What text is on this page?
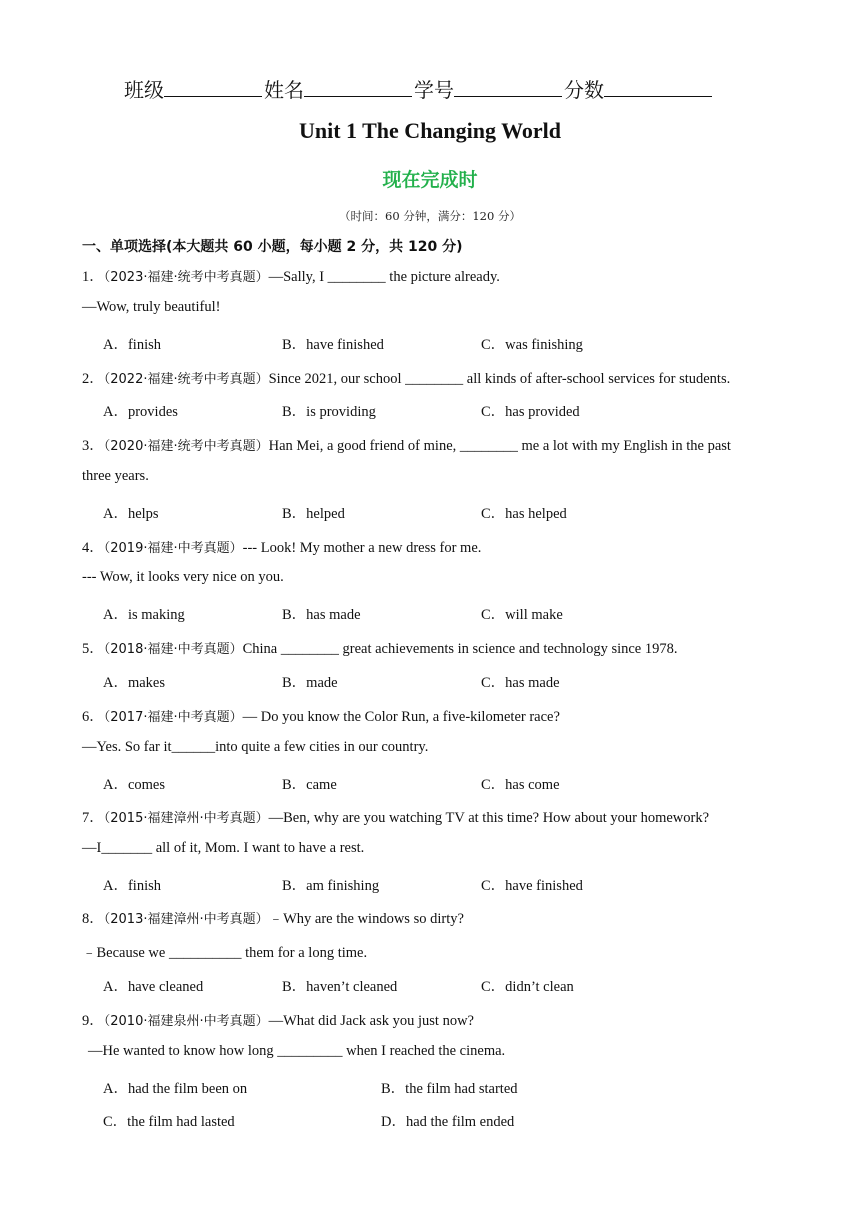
班级	姓名	学号	分数
Unit 1 The Changing World
现在完成时
（时间：60 分钟，满分：120 分）
一、单项选择(本大题共 60 小题，每小题 2 分，共 120 分)
1．（2023·福建·统考中考真题）—Sally, I ________ the picture already.
—Wow, truly beautiful!
A．finish	B．have finished	C．was finishing
2．（2022·福建·统考中考真题）Since 2021, our school ________ all kinds of after-school services for students.
A．provides	B．is providing	C．has provided
3．（2020·福建·统考中考真题）Han Mei, a good friend of mine, ________ me a lot with my English in the past
three years.
A．helps	B．helped	C．has helped
4．（2019·福建·中考真题）--- Look! My mother a new dress for me.
--- Wow, it looks very nice on you.
A．is making	B．has made	C．will make
5．（2018·福建·中考真题）China ________ great achievements in science and technology since 1978.
A．makes	B．made	C．has made
6．（2017·福建·中考真题）— Do you know the Color Run, a five-kilometer race?
—Yes. So far it______into quite a few cities in our country.
A．comes	B．came	C．has come
7．（2015·福建漳州·中考真题）—Ben, why are you watching TV at this time? How about your homework?
—I_______ all of it, Mom. I want to have a rest.
A．finish	B．am finishing	C．have finished
8．（2013·福建漳州·中考真题）﹣Why are the windows so dirty?
﹣Because we __________ them for a long time.
A．have cleaned	B．haven’t cleaned	C．didn’t clean
9．（2010·福建泉州·中考真题）—What did Jack ask you just now?
—He wanted to know how long _________ when I reached the cinema.
A．had the film been on	B．the film had started
C．the film had lasted	D．had the film ended
